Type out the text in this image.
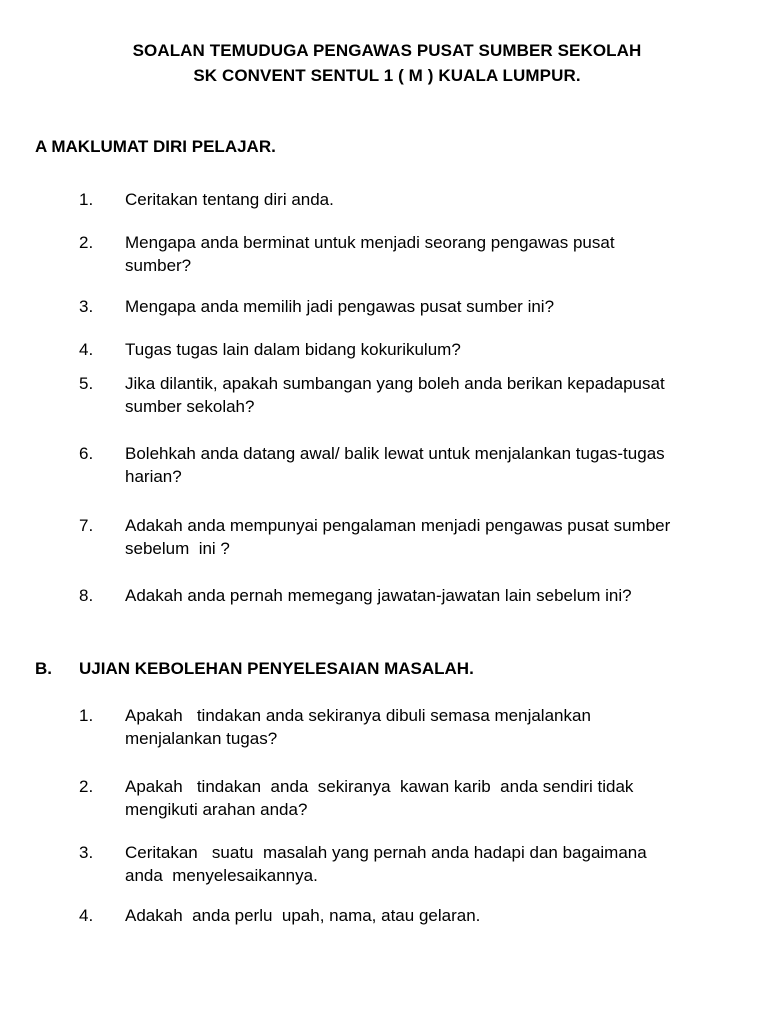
SOALAN TEMUDUGA PENGAWAS PUSAT SUMBER SEKOLAH
SK CONVENT SENTUL 1 ( M ) KUALA LUMPUR.
A MAKLUMAT DIRI PELAJAR.
1. Ceritakan tentang diri anda.
2. Mengapa anda berminat untuk menjadi seorang pengawas pusat
sumber?
3. Mengapa anda memilih jadi pengawas pusat sumber ini?
4. Tugas tugas lain dalam bidang kokurikulum?
5. Jika dilantik, apakah sumbangan yang boleh anda berikan kepadapusat
sumber sekolah?
6. Bolehkah anda datang awal/ balik lewat untuk menjalankan tugas-tugas
harian?
7. Adakah anda mempunyai pengalaman menjadi pengawas pusat sumber
sebelum  ini ?
8. Adakah anda pernah memegang jawatan-jawatan lain sebelum ini?
B. UJIAN KEBOLEHAN PENYELESAIAN MASALAH.
1. Apakah   tindakan anda sekiranya dibuli semasa menjalankan
menjalankan tugas?
2. Apakah   tindakan  anda  sekiranya  kawan karib  anda sendiri tidak
mengikuti arahan anda?
3. Ceritakan   suatu  masalah yang pernah anda hadapi dan bagaimana
anda  menyelesaikannya.
4. Adakah  anda perlu  upah, nama, atau gelaran.
